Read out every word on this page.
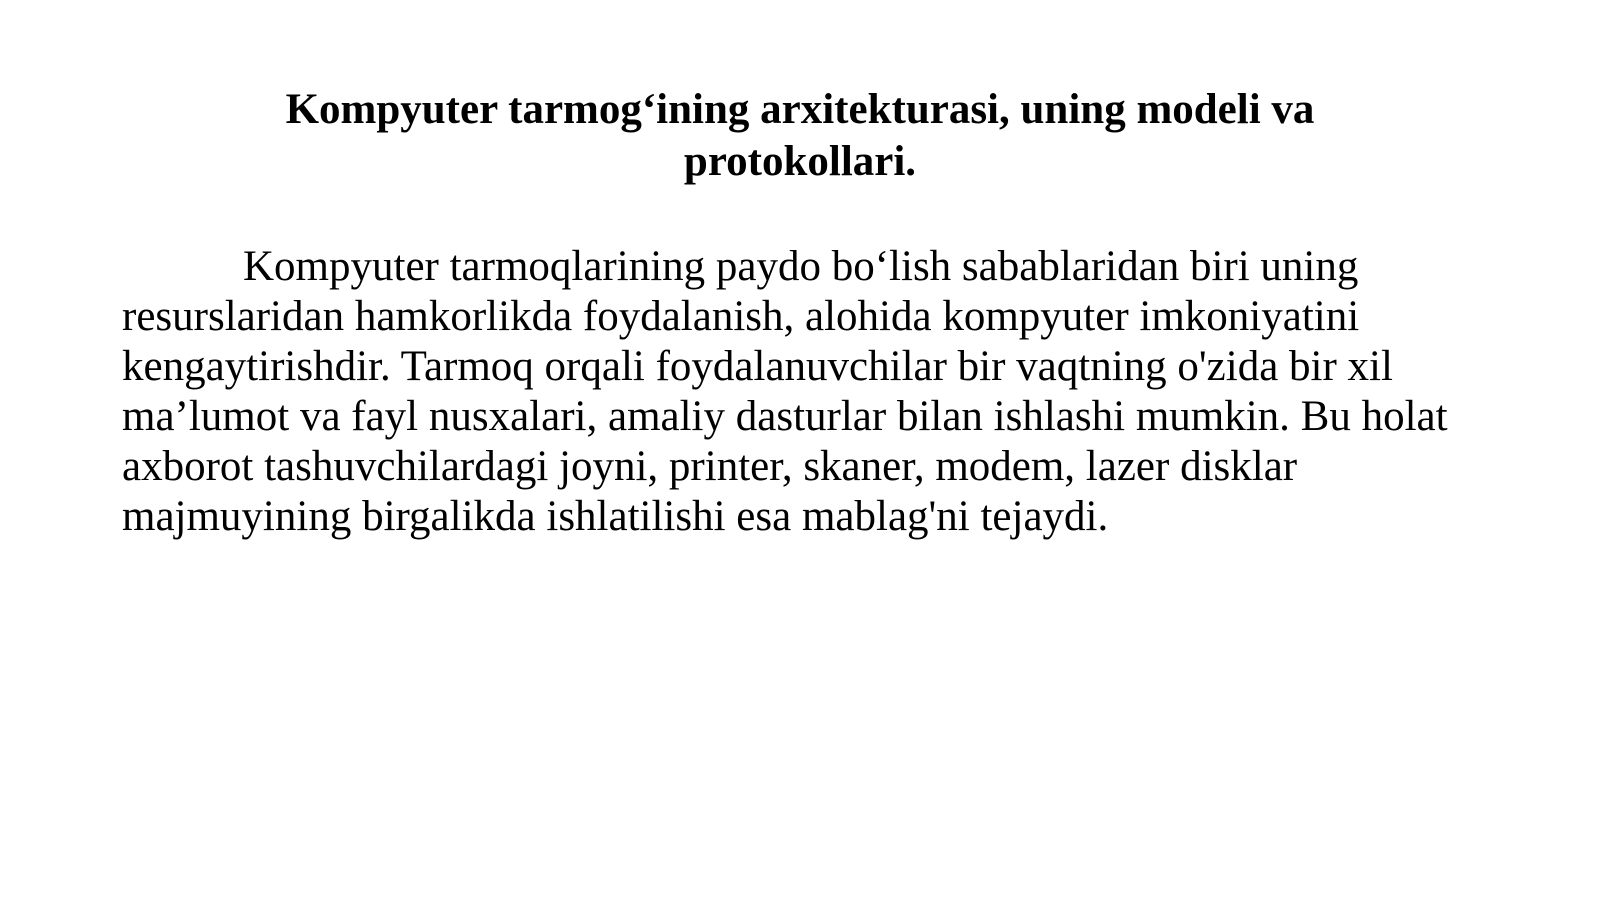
Kompyuter tarmog‘ining arxitekturasi, uning modeli va protokollari.

Kompyuter tarmoqlarining paydo bo‘lish sabablaridan biri uning resurslaridan hamkorlikda foydalanish, alohida kompyuter imkoniyatini kengaytirishdir. Tarmoq orqali foydalanuvchilar bir vaqtning o'zida bir xil ma’lumot va fayl nusxalari, amaliy dasturlar bilan ishlashi mumkin. Bu holat axborot tashuvchilardagi joyni, printer, skaner, modem, lazer disklar majmuyining birgalikda ishlatilishi esa mablag'ni tejaydi.
